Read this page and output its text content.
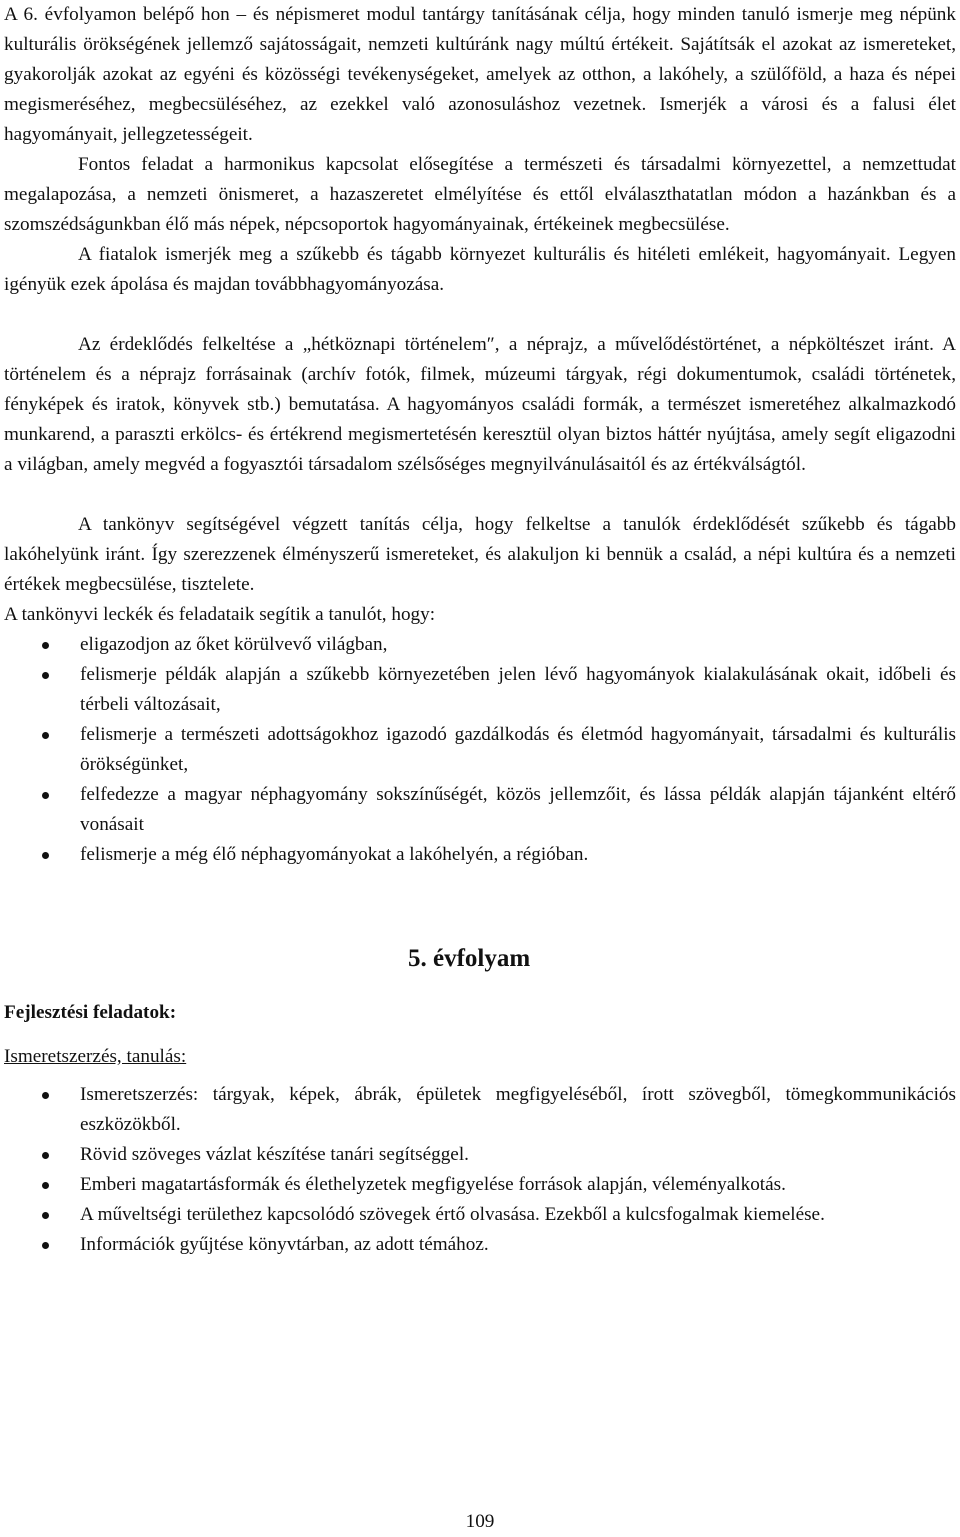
A 6. évfolyamon belépő hon – és népismeret modul tantárgy tanításának célja, hogy minden tanuló ismerje meg népünk kulturális örökségének jellemző sajátosságait, nemzeti kultúránk nagy múltú értékeit. Sajátítsák el azokat az ismereteket, gyakorolják azokat az egyéni és közösségi tevékenységeket, amelyek az otthon, a lakóhely, a szülőföld, a haza és népei megismeréséhez, megbecsüléséhez, az ezekkel való azonosuláshoz vezetnek. Ismerjék a városi és a falusi élet hagyományait, jellegzetességeit.

Fontos feladat a harmonikus kapcsolat elősegítése a természeti és társadalmi környezettel, a nemzettudat megalapozása, a nemzeti önismeret, a hazaszeretet elmélyítése és ettől elválaszthatatlan módon a hazánkban és a szomszédságunkban élő más népek, népcsoportok hagyományainak, értékeinek megbecsülése.

A fiatalok ismerjék meg a szűkebb és tágabb környezet kulturális és hitéleti emlékeit, hagyományait. Legyen igényük ezek ápolása és majdan továbbhagyományozása.

Az érdeklődés felkeltése a „hétköznapi történelem″, a néprajz, a művelődéstörténet, a népköltészet iránt. A történelem és a néprajz forrásainak (archív fotók, filmek, múzeumi tárgyak, régi dokumentumok, családi történetek, fényképek és iratok, könyvek stb.) bemutatása. A hagyományos családi formák, a természet ismeretéhez alkalmazkodó munkarend, a paraszti erkölcs- és értékrend megismertetésén keresztül olyan biztos háttér nyújtása, amely segít eligazodni a világban, amely megvéd a fogyasztói társadalom szélsőséges megnyilvánulásaitól és az értékválságtól.

A tankönyv segítségével végzett tanítás célja, hogy felkeltse a tanulók érdeklődését szűkebb és tágabb lakóhelyünk iránt. Így szerezzenek élményszerű ismereteket, és alakuljon ki bennük a család, a népi kultúra és a nemzeti értékek megbecsülése, tisztelete.

A tankönyvi leckék és feladataik segítik a tanulót, hogy:

eligazodjon az őket körülvevő világban,
felismerje példák alapján a szűkebb környezetében jelen lévő hagyományok kialakulásának okait, időbeli és térbeli változásait,
felismerje a természeti adottságokhoz igazodó gazdálkodás és életmód hagyományait, társadalmi és kulturális örökségünket,
felfedezze a magyar néphagyomány sokszínűségét, közös jellemzőit, és lássa példák alapján tájanként eltérő vonásait
felismerje a még élő néphagyományokat a lakóhelyén, a régióban.
5. évfolyam
Fejlesztési feladatok:
Ismeretszerzés, tanulás:
Ismeretszerzés: tárgyak, képek, ábrák, épületek megfigyeléséből, írott szövegből, tömegkommunikációs eszközökből.
Rövid szöveges vázlat készítése tanári segítséggel.
Emberi magatartásformák és élethelyzetek megfigyelése források alapján, véleményalkotás.
A műveltségi területhez kapcsolódó szövegek értő olvasása. Ezekből a kulcsfogalmak kiemelése.
Információk gyűjtése könyvtárban, az adott témához.
109
